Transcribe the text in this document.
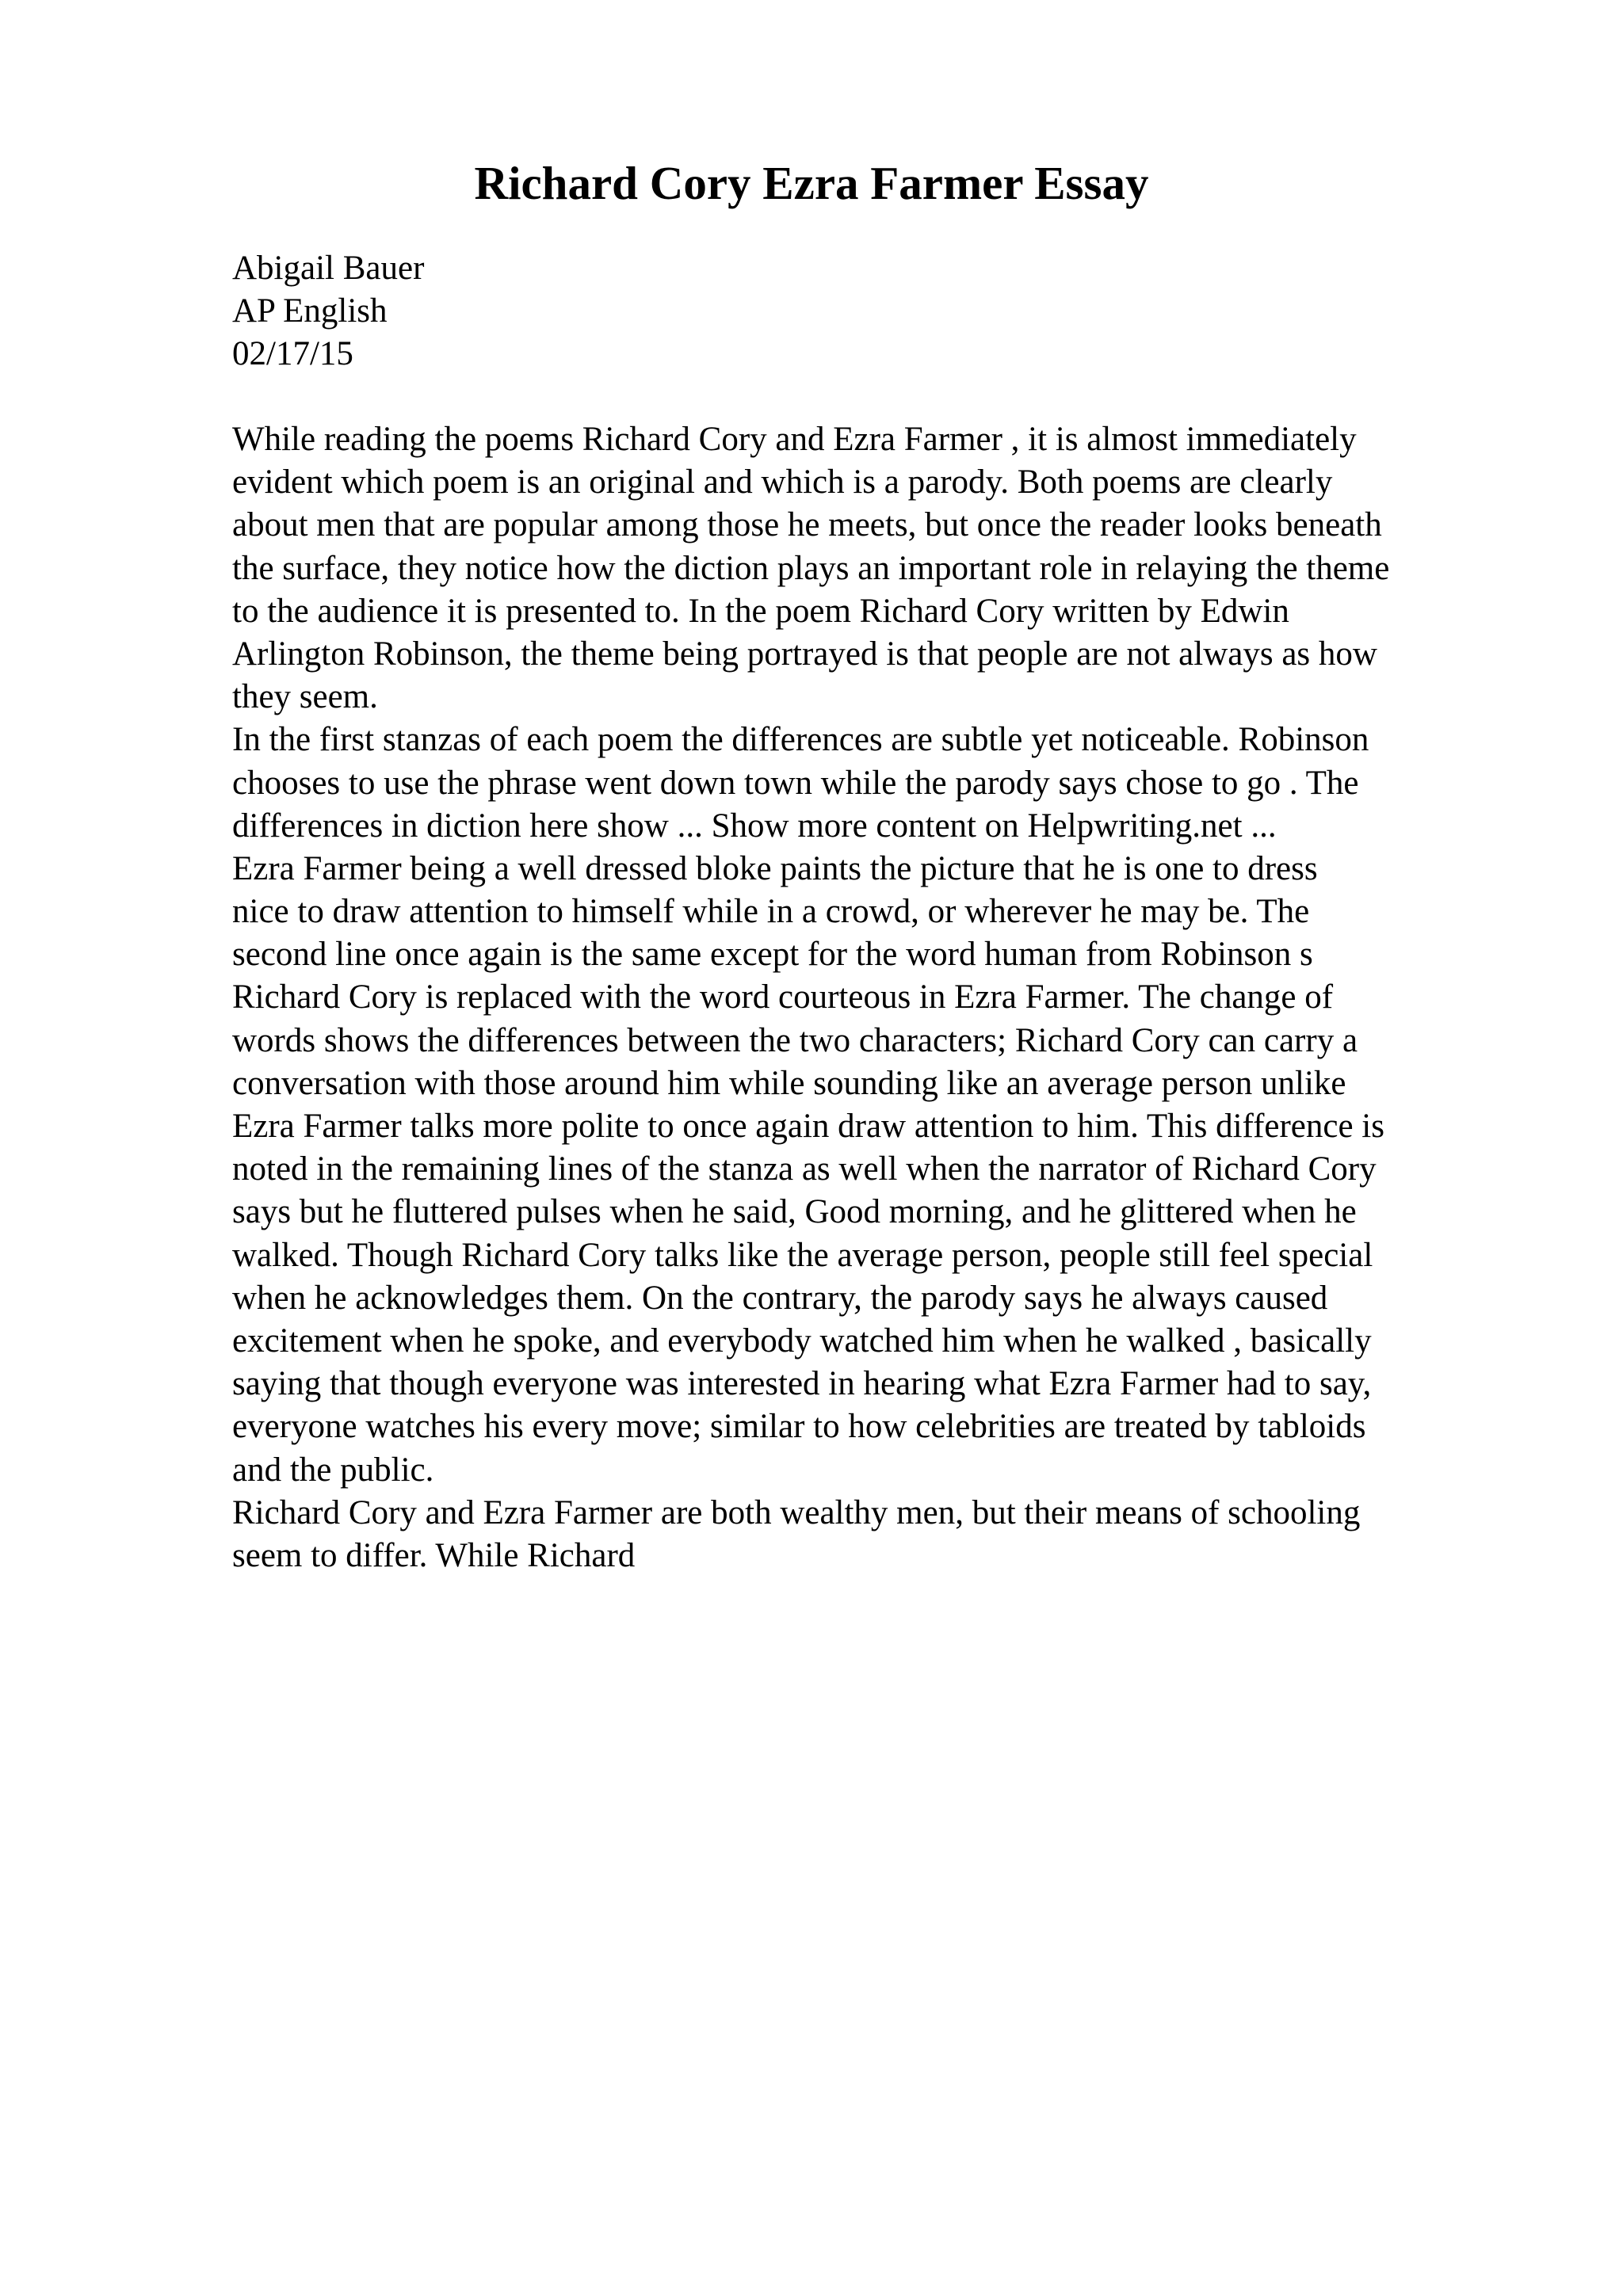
Richard Cory Ezra Farmer Essay
Abigail Bauer
AP English
02/17/15
While reading the poems Richard Cory and Ezra Farmer , it is almost immediately
evident which poem is an original and which is a parody. Both poems are clearly
about men that are popular among those he meets, but once the reader looks beneath
the surface, they notice how the diction plays an important role in relaying the theme
to the audience it is presented to. In the poem Richard Cory written by Edwin
Arlington Robinson, the theme being portrayed is that people are not always as how
they seem.
In the first stanzas of each poem the differences are subtle yet noticeable. Robinson
chooses to use the phrase went down town while the parody says chose to go . The
differences in diction here show ... Show more content on Helpwriting.net ...
Ezra Farmer being a well dressed bloke paints the picture that he is one to dress
nice to draw attention to himself while in a crowd, or wherever he may be. The
second line once again is the same except for the word human from Robinson s
Richard Cory is replaced with the word courteous in Ezra Farmer. The change of
words shows the differences between the two characters; Richard Cory can carry a
conversation with those around him while sounding like an average person unlike
Ezra Farmer talks more polite to once again draw attention to him. This difference is
noted in the remaining lines of the stanza as well when the narrator of Richard Cory
says but he fluttered pulses when he said, Good morning, and he glittered when he
walked. Though Richard Cory talks like the average person, people still feel special
when he acknowledges them. On the contrary, the parody says he always caused
excitement when he spoke, and everybody watched him when he walked , basically
saying that though everyone was interested in hearing what Ezra Farmer had to say,
everyone watches his every move; similar to how celebrities are treated by tabloids
and the public.
Richard Cory and Ezra Farmer are both wealthy men, but their means of schooling
seem to differ. While Richard
